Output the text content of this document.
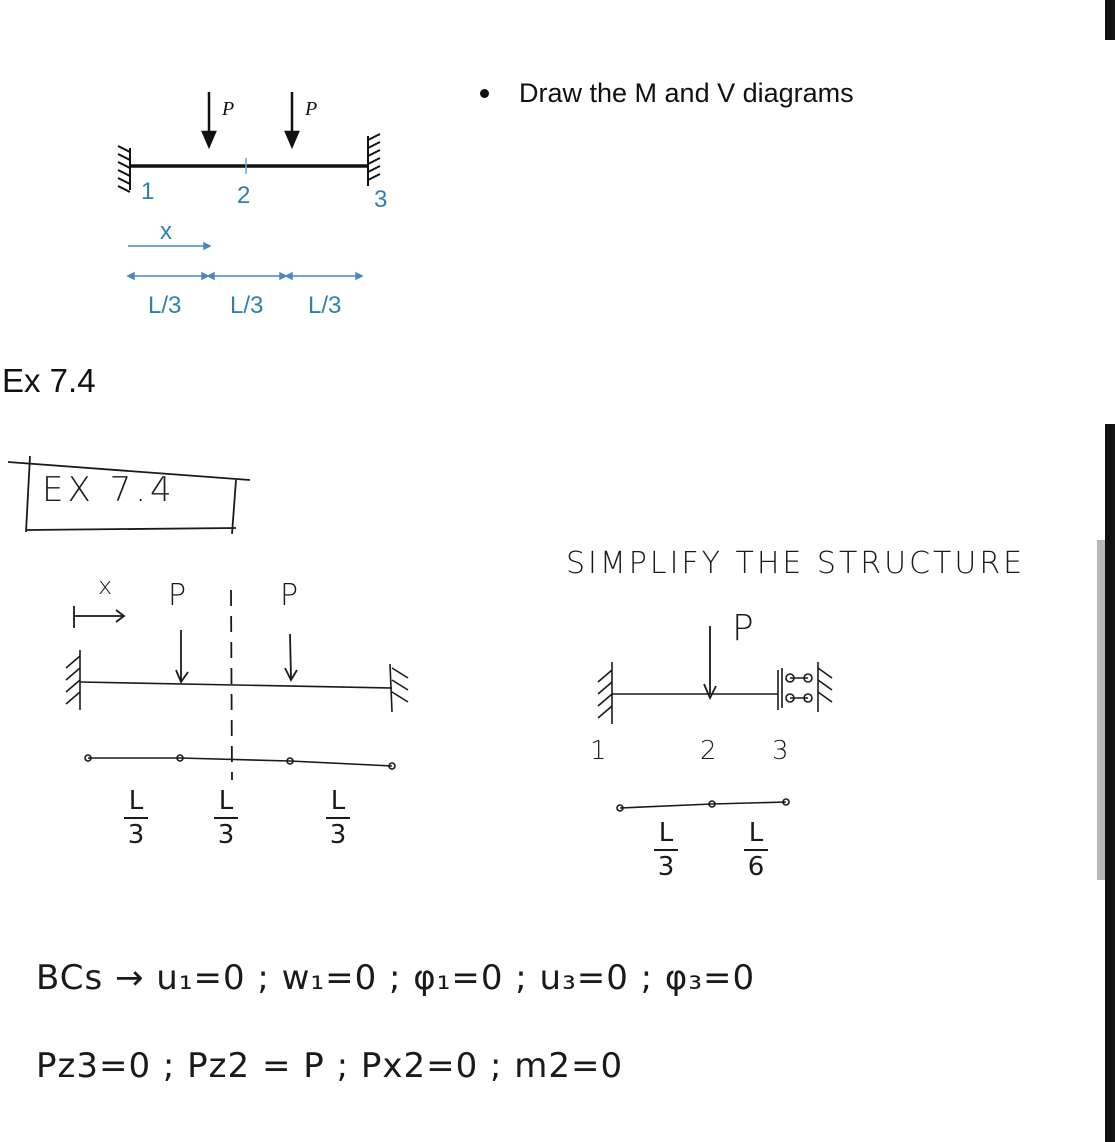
P	P
1	2	3
x
L/3 L/3 L/3
Draw the M and V diagrams
Ex 7.4
EX 7.4
x P	P
L
3
L
3
L
3
SIMPLIFY THE STRUCTURE
P
1	2 3
L
3
L
6
BCs → u₁=0 ; w₁=0 ; φ₁=0 ; u₃=0 ; φ₃=0
Pz3=0 ; Pz2 = P ; Px2=0 ; m2=0
